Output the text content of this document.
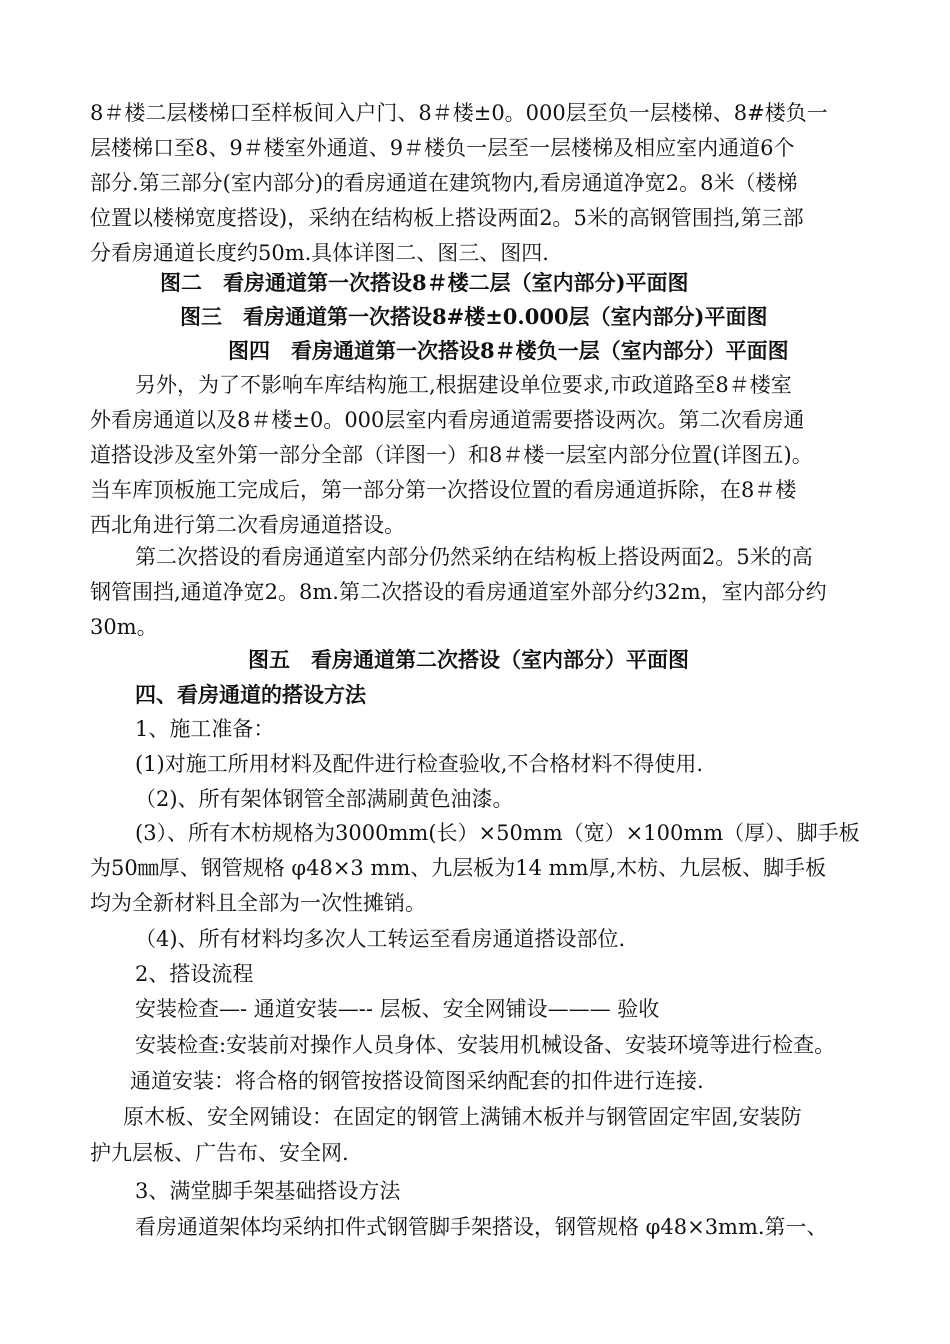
8＃楼二层楼梯口至样板间入户门、8＃楼±0。000层至负一层楼梯、8#楼负一
层楼梯口至8、9＃楼室外通道、9＃楼负一层至一层楼梯及相应室内通道6个
部分.第三部分(室内部分)的看房通道在建筑物内,看房通道净宽2。8米（楼梯
位置以楼梯宽度搭设)，采纳在结构板上搭设两面2。5米的高钢管围挡,第三部
分看房通道长度约50m.具体详图二、图三、图四.
图二　看房通道第一次搭设8＃楼二层（室内部分)平面图
图三　看房通道第一次搭设8#楼±0.000层（室内部分)平面图
图四　看房通道第一次搭设8＃楼负一层（室内部分）平面图
另外，为了不影响车库结构施工,根据建设单位要求,市政道路至8＃楼室
外看房通道以及8＃楼±0。000层室内看房通道需要搭设两次。第二次看房通
道搭设涉及室外第一部分全部（详图一）和8＃楼一层室内部分位置(详图五)。
当车库顶板施工完成后，第一部分第一次搭设位置的看房通道拆除，在8＃楼
西北角进行第二次看房通道搭设。
第二次搭设的看房通道室内部分仍然采纳在结构板上搭设两面2。5米的高
钢管围挡,通道净宽2。8m.第二次搭设的看房通道室外部分约32m，室内部分约
30m。
图五　看房通道第二次搭设（室内部分）平面图
四、看房通道的搭设方法
1、施工准备：
(1)对施工所用材料及配件进行检查验收,不合格材料不得使用.
（2)、所有架体钢管全部满刷黄色油漆。
(3）、所有木枋规格为3000mm(长）×50mm（宽）×100mm（厚）、脚手板
为50㎜厚、钢管规格 φ48×3 mm、九层板为14 mm厚,木枋、九层板、脚手板
均为全新材料且全部为一次性摊销。
（4)、所有材料均多次人工转运至看房通道搭设部位.
2、搭设流程
安装检查—- 通道安装—-- 层板、安全网铺设——— 验收
安装检查:安装前对操作人员身体、安装用机械设备、安装环境等进行检查。
通道安装：将合格的钢管按搭设简图采纳配套的扣件进行连接.
原木板、安全网铺设：在固定的钢管上满铺木板并与钢管固定牢固,安装防
护九层板、广告布、安全网.
3、满堂脚手架基础搭设方法
看房通道架体均采纳扣件式钢管脚手架搭设，钢管规格 φ48×3mm.第一、
